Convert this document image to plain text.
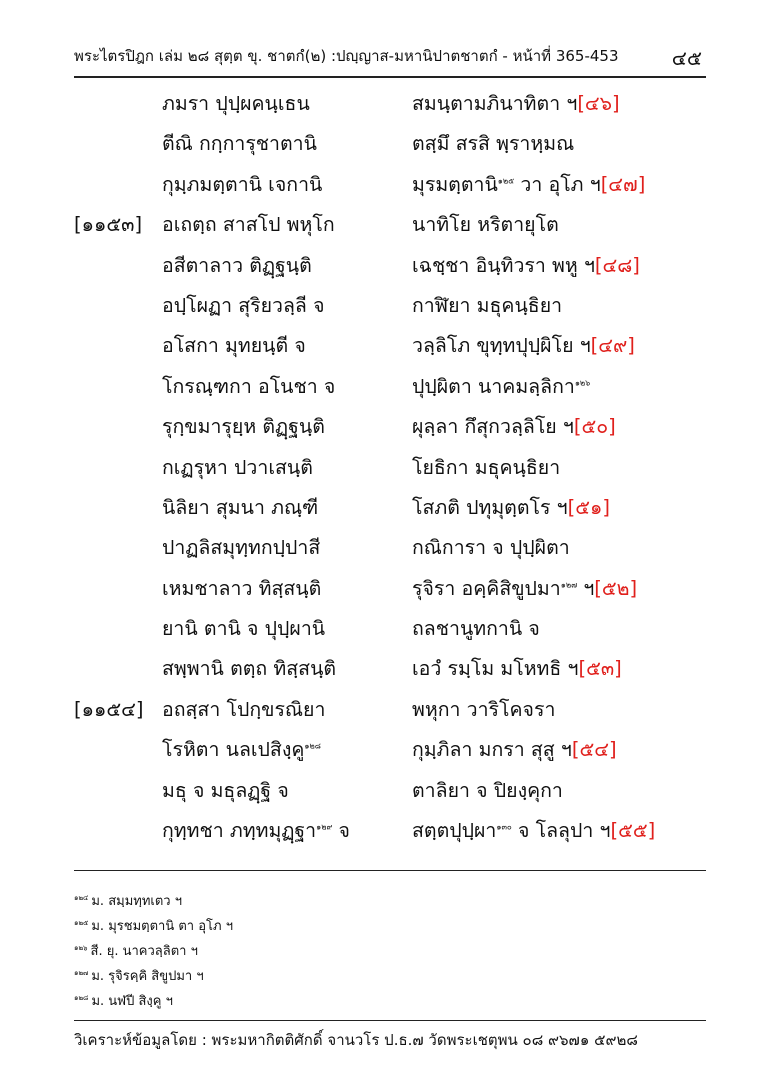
พระไตรปิฎก เล่ม ๒๘ สุตฺต ขุ. ชาตกํ(๒) :ปญฺญาส-มหานิปาตชาตกํ - หน้าที่ 365-453	๔๕
ภมรา ปุปฺผคนฺเธน	สมนฺตามภินาทิตา ฯ[๔๖]
ตีณิ กกฺการุชาตานิ	ตสฺมึ สรสิ พฺราหฺมณ
กุมฺภมตฺตานิ เจกานิ	มุรมตฺตานิ$^{๑๒๕}$ วา อุโภ ฯ[๔๗]
[๑๑๕๓] อเถตฺถ สาสโป พหุโก	นาทิโย หริตายุโต
อสีตาลาว ติฏฺฐนฺติ	เฉชฺชา อินฺทิวรา พหู ฯ[๔๘]
อปฺโผฏา สุริยวลฺลี จ	กาฬิยา มธุคนฺธิยา
อโสกา มุทยนฺตี จ	วลฺลิโภ ขุทฺทปุปฺผิโย ฯ[๔๙]
โกรณฺฑกา อโนชา จ	ปุปฺผิตา นาคมลฺลิกา$^{๑๒๖}$
รุกฺขมารุยฺห ติฏฺฐนฺติ	ผุลฺลา กึสุกวลฺลิโย ฯ[๕๐]
กเฏรุหา ปวาเสนฺติ	โยธิกา มธุคนฺธิยา
นิลิยา สุมนา ภณฺฑี	โสภติ ปทุมุตฺตโร ฯ[๕๑]
ปาฏลิสมุทฺทกปฺปาสี	กณิการา จ ปุปฺผิตา
เหมชาลาว ทิสฺสนฺติ	รุจิรา อคฺคิสิขูปมา$^{๑๒๗}$ ฯ[๕๒]
ยานิ ตานิ จ ปุปฺผานิ	ถลชานูทกานิ จ
สพฺพานิ ตตฺถ ทิสฺสนฺติ	เอวํ รมฺโม มโหทธิ ฯ[๕๓]
[๑๑๕๔] อถสฺสา โปกฺขรณิยา	พหุกา วาริโคจรา
โรหิตา นลเปสิงฺคู$^{๑๒๘}$	กุมฺภิลา มกรา สุสู ฯ[๕๔]
มธุ จ มธุลฏฺฐิ จ	ตาลิยา จ ปิยงฺคุกา
กุทฺทชา ภทฺทมุฏฺฐา$^{๑๒๙}$ จ	สตฺตปุปฺผา$^{๑๓๐}$ จ โลลุปา ฯ[๕๕]
$^{๑๒๔}$ ม. สมฺมทฺทเตว ฯ
$^{๑๒๕}$ ม. มุรชมตฺตานิ ตา อุโภ ฯ
$^{๑๒๖}$ สี. ยุ. นาควลฺลิตา ฯ
$^{๑๒๗}$ ม. รุจิรคฺคิ สิขูปมา ฯ
$^{๑๒๘}$ ม. นฬปี สิงฺคู ฯ
วิเคราะห์ข้อมูลโดย : พระมหากิตติศักดิ์ จานวโร ป.ธ.๗ วัดพระเชตุพน ๐๘ ๙๖๗๑ ๕๙๒๘
